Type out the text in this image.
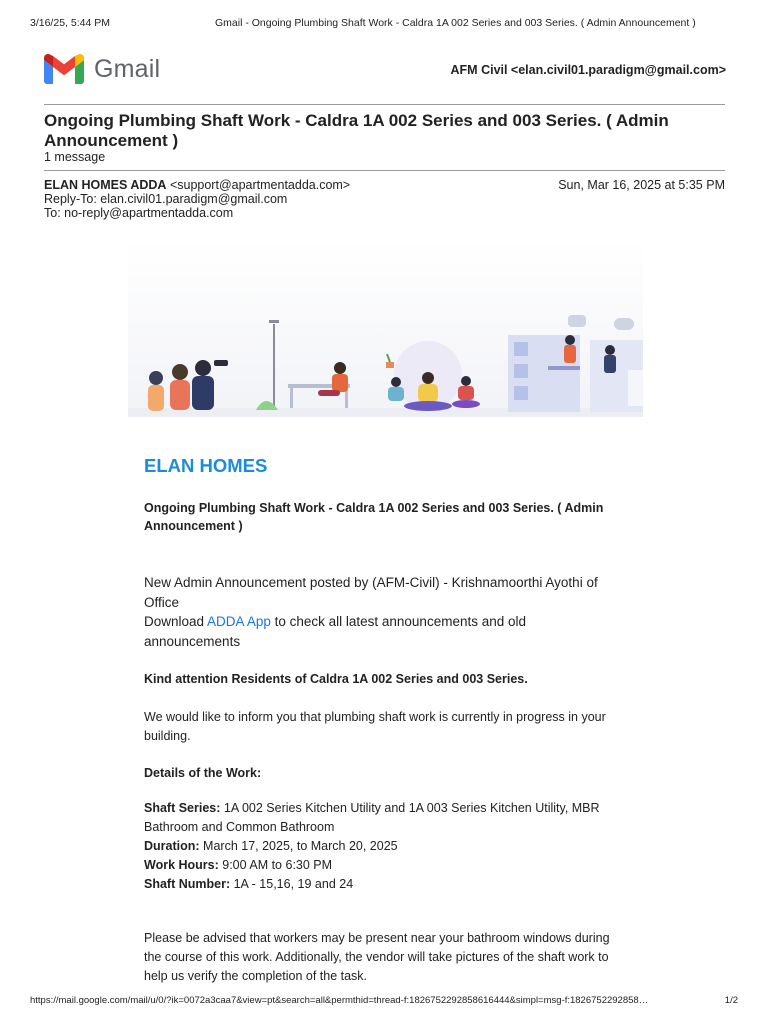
3/16/25, 5:44 PM	Gmail - Ongoing Plumbing Shaft Work - Caldra 1A 002 Series and 003 Series. ( Admin Announcement )
Gmail	AFM Civil <elan.civil01.paradigm@gmail.com>
Ongoing Plumbing Shaft Work - Caldra 1A 002 Series and 003 Series. ( Admin Announcement )
1 message
ELAN HOMES ADDA <support@apartmentadda.com>	Sun, Mar 16, 2025 at 5:35 PM
Reply-To: elan.civil01.paradigm@gmail.com
To: no-reply@apartmentadda.com
ELAN HOMES
Ongoing Plumbing Shaft Work - Caldra 1A 002 Series and 003 Series. ( Admin Announcement )
New Admin Announcement posted by (AFM-Civil) - Krishnamoorthi Ayothi of Office
Download ADDA App to check all latest announcements and old announcements
Kind attention Residents of Caldra 1A 002 Series and 003 Series.
We would like to inform you that plumbing shaft work is currently in progress in your building.
Details of the Work:
Shaft Series: 1A 002 Series Kitchen Utility and 1A 003 Series Kitchen Utility, MBR Bathroom and Common Bathroom
Duration: March 17, 2025, to March 20, 2025
Work Hours: 9:00 AM to 6:30 PM
Shaft Number: 1A - 15,16, 19 and 24
Please be advised that workers may be present near your bathroom windows during the course of this work. Additionally, the vendor will take pictures of the shaft work to help us verify the completion of the task.
https://mail.google.com/mail/u/0/?ik=0072a3caa7&view=pt&search=all&permthid=thread-f:1826752292858616444&simpl=msg-f:1826752292858…	1/2
